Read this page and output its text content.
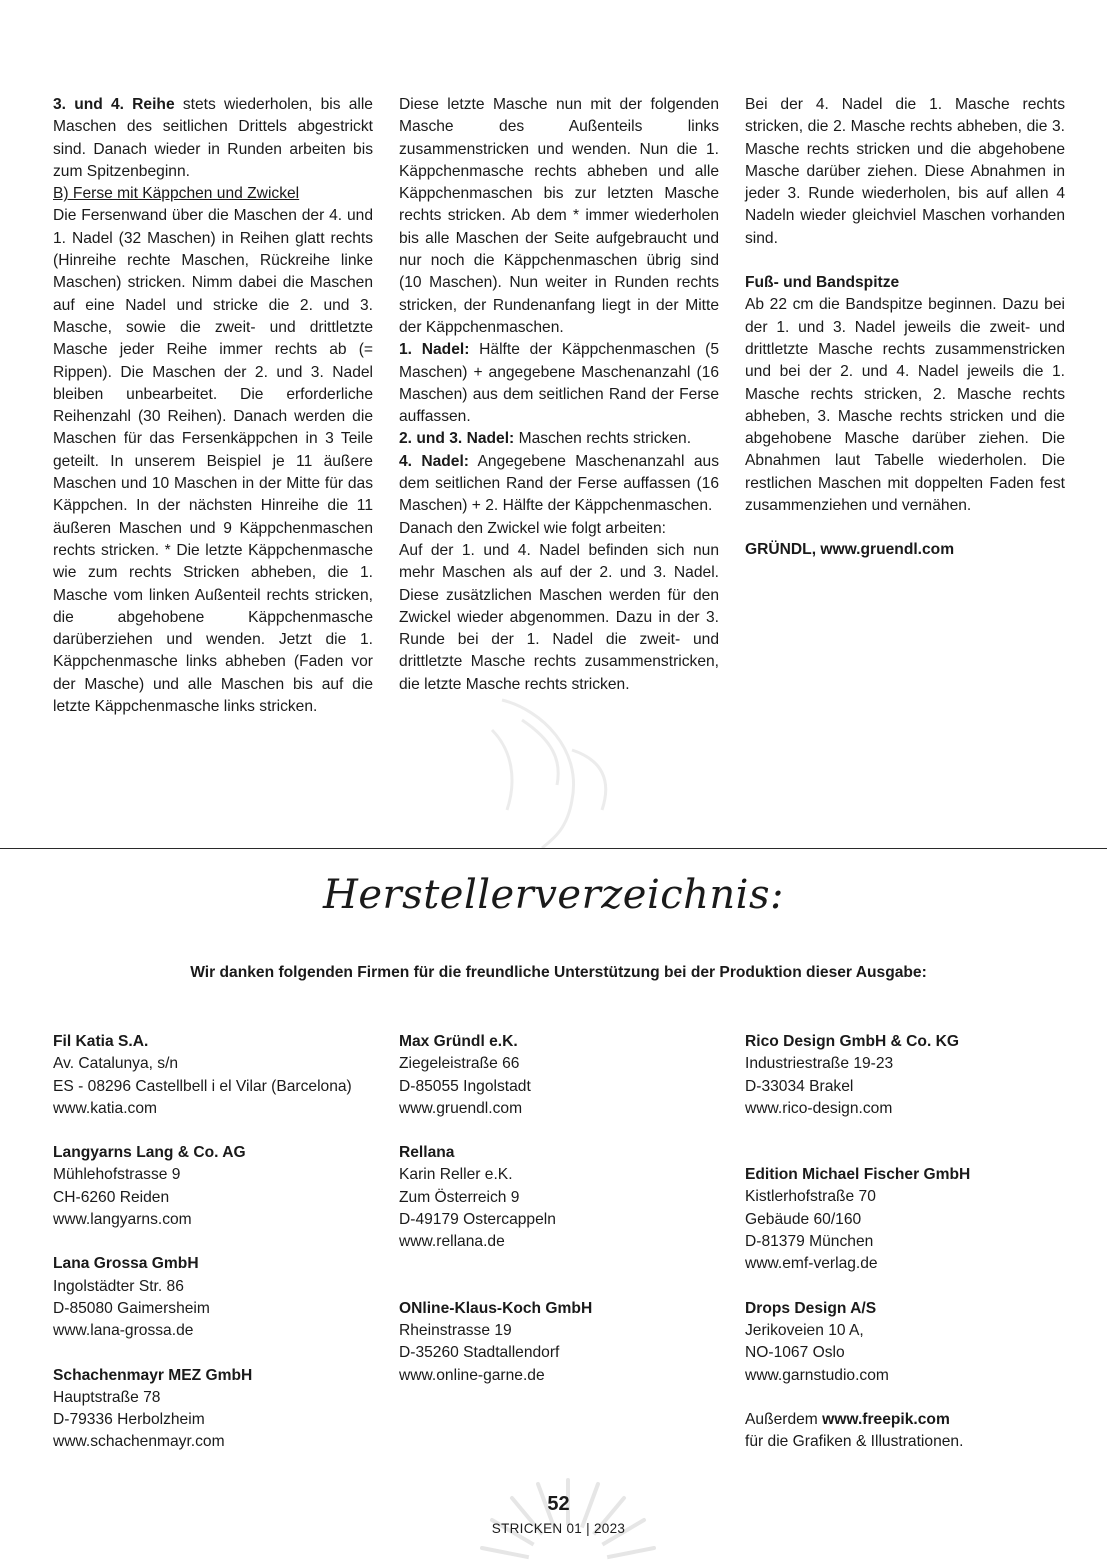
3. und 4. Reihe stets wiederholen, bis alle Maschen des seitlichen Drittels abgestrickt sind. Danach wieder in Runden arbeiten bis zum Spitzenbeginn.

B) Ferse mit Käppchen und Zwickel

Die Fersenwand über die Maschen der 4. und 1. Nadel (32 Maschen) in Reihen glatt rechts (Hinreihe rechte Maschen, Rückreihe linke Maschen) stricken. Nimm dabei die Maschen auf eine Nadel und stricke die 2. und 3. Masche, sowie die zweit- und drittletzte Masche jeder Reihe immer rechts ab (= Rippen). Die Maschen der 2. und 3. Nadel bleiben unbearbeitet. Die erforderliche Reihenzahl (30 Reihen). Danach werden die Maschen für das Fersenkäppchen in 3 Teile geteilt. In unserem Beispiel je 11 äußere Maschen und 10 Maschen in der Mitte für das Käppchen. In der nächsten Hinreihe die 11 äußeren Maschen und 9 Käppchenmaschen rechts stricken. * Die letzte Käppchenmasche wie zum rechts Stricken abheben, die 1. Masche vom linken Außenteil rechts stricken, die abgehobene Käppchenmasche darüberziehen und wenden. Jetzt die 1. Käppchenmasche links abheben (Faden vor der Masche) und alle Maschen bis auf die letzte Käppchenmasche links stricken.

Diese letzte Masche nun mit der folgenden Masche des Außenteils links zusammenstricken und wenden. Nun die 1. Käppchenmasche rechts abheben und alle Käppchenmaschen bis zur letzten Masche rechts stricken. Ab dem * immer wiederholen bis alle Maschen der Seite aufgebraucht und nur noch die Käppchenmaschen übrig sind (10 Maschen). Nun weiter in Runden rechts stricken, der Rundenanfang liegt in der Mitte der Käppchenmaschen.

1. Nadel: Hälfte der Käppchenmaschen (5 Maschen) + angegebene Maschenanzahl (16 Maschen) aus dem seitlichen Rand der Ferse auffassen.

2. und 3. Nadel: Maschen rechts stricken.

4. Nadel: Angegebene Maschenanzahl aus dem seitlichen Rand der Ferse auffassen (16 Maschen) + 2. Hälfte der Käppchenmaschen.

Danach den Zwickel wie folgt arbeiten:

Auf der 1. und 4. Nadel befinden sich nun mehr Maschen als auf der 2. und 3. Nadel. Diese zusätzlichen Maschen werden für den Zwickel wieder abgenommen. Dazu in der 3. Runde bei der 1. Nadel die zweit- und drittletzte Masche rechts zusammenstricken, die letzte Masche rechts stricken.

Bei der 4. Nadel die 1. Masche rechts stricken, die 2. Masche rechts abheben, die 3. Masche rechts stricken und die abgehobene Masche darüber ziehen. Diese Abnahmen in jeder 3. Runde wiederholen, bis auf allen 4 Nadeln wieder gleichviel Maschen vorhanden sind.

Fuß- und Bandspitze

Ab 22 cm die Bandspitze beginnen. Dazu bei der 1. und 3. Nadel jeweils die zweit- und drittletzte Masche rechts zusammenstricken und bei der 2. und 4. Nadel jeweils die 1. Masche rechts stricken, 2. Masche rechts abheben, 3. Masche rechts stricken und die abgehobene Masche darüber ziehen. Die Abnahmen laut Tabelle wiederholen. Die restlichen Maschen mit doppelten Faden fest zusammenziehen und vernähen.

GRÜNDL, www.gruendl.com

Herstellerverzeichnis:
Wir danken folgenden Firmen für die freundliche Unterstützung bei der Produktion dieser Ausgabe:
Fil Katia S.A.
Av. Catalunya, s/n
ES - 08296 Castellbell i el Vilar (Barcelona)
www.katia.com
Langyarns Lang & Co. AG
Mühlehofstrasse 9
CH-6260 Reiden
www.langyarns.com
Lana Grossa GmbH
Ingolstädter Str. 86
D-85080 Gaimersheim
www.lana-grossa.de
Schachenmayr MEZ GmbH
Hauptstraße 78
D-79336 Herbolzheim
www.schachenmayr.com
Max Gründl e.K.
Ziegeleistraße 66
D-85055 Ingolstadt
www.gruendl.com
Rellana
Karin Reller e.K.
Zum Österreich 9
D-49179 Ostercappeln
www.rellana.de
ONline-Klaus-Koch GmbH
Rheinstrasse 19
D-35260 Stadtallendorf
www.online-garne.de
Rico Design GmbH & Co. KG
Industriestraße 19-23
D-33034 Brakel
www.rico-design.com
Edition Michael Fischer GmbH
Kistlerhofstraße 70
Gebäude 60/160
D-81379 München
www.emf-verlag.de
Drops Design A/S
Jerikoveien 10 A,
NO-1067 Oslo
www.garnstudio.com
Außerdem www.freepik.com
für die Grafiken & Illustrationen.
52
STRICKEN 01 | 2023
